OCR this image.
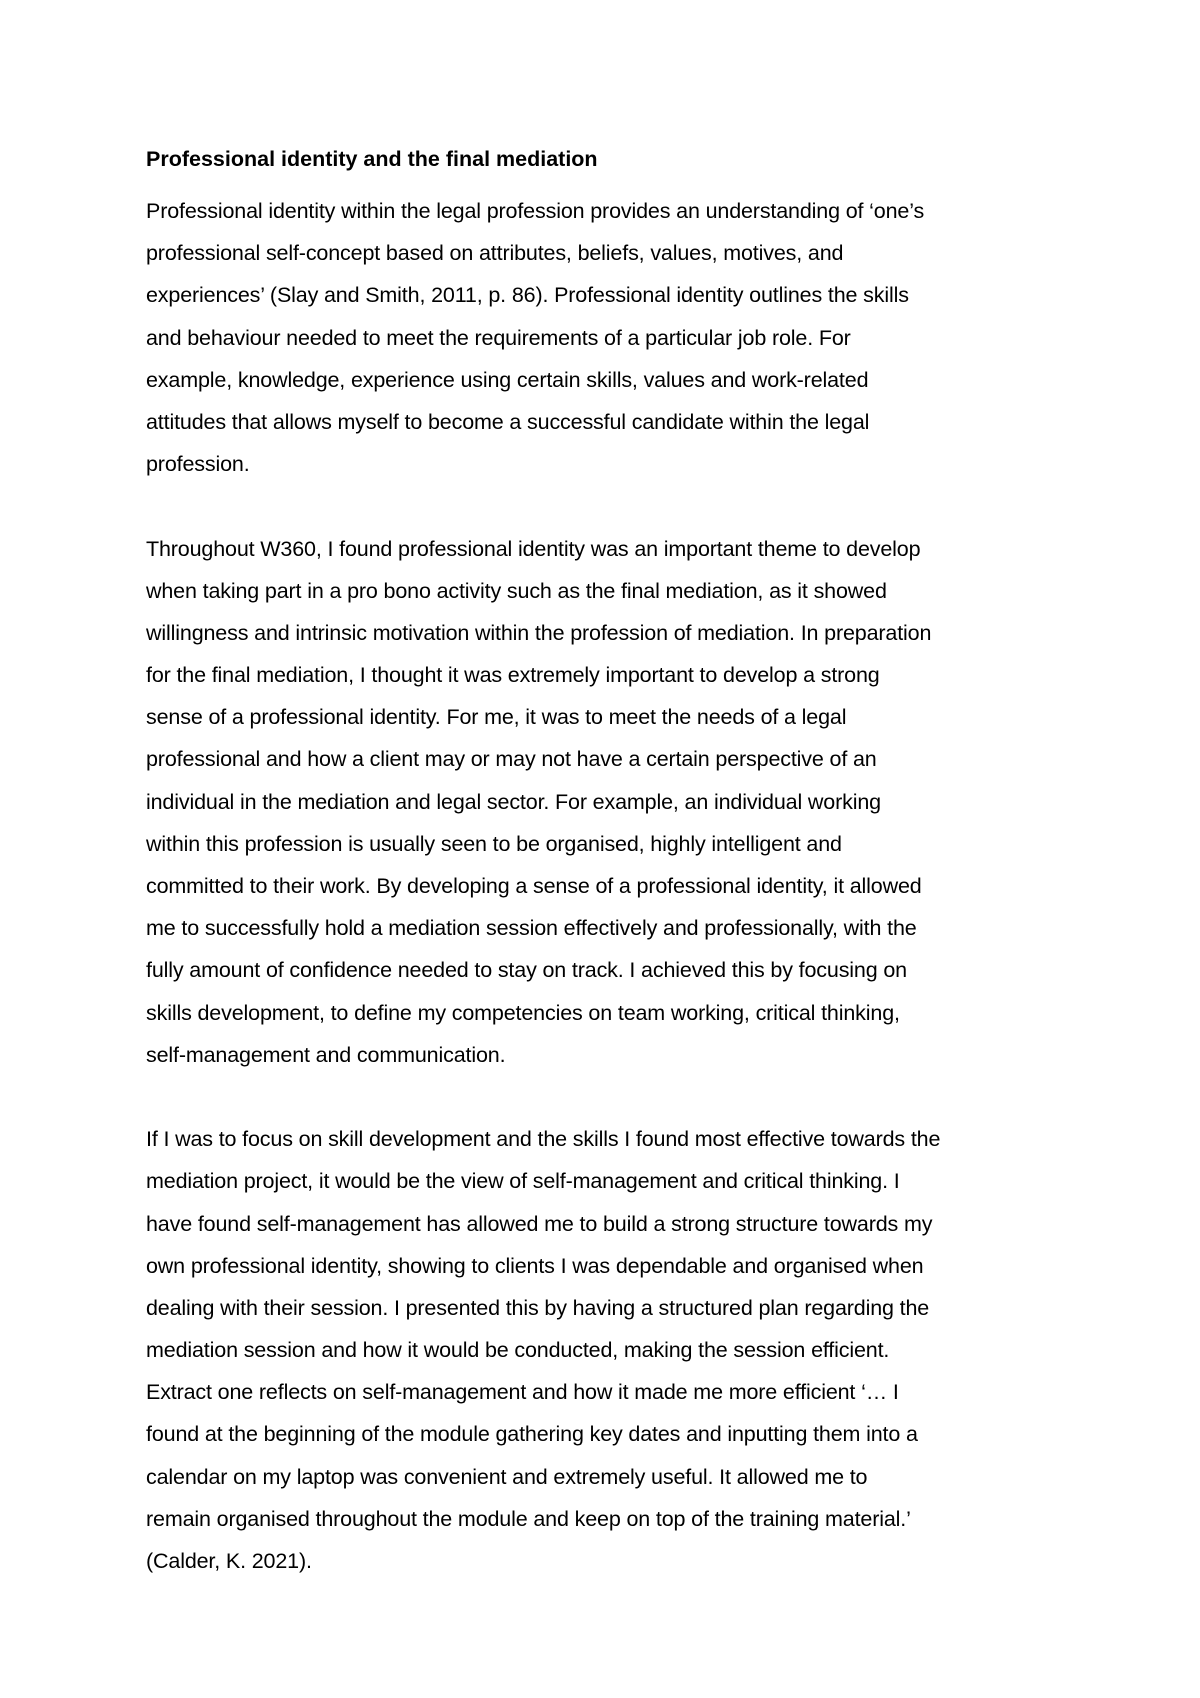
Professional identity and the final mediation
Professional identity within the legal profession provides an understanding of ‘one’s
professional self-concept based on attributes, beliefs, values, motives, and
experiences’ (Slay and Smith, 2011, p. 86). Professional identity outlines the skills
and behaviour needed to meet the requirements of a particular job role. For
example, knowledge, experience using certain skills, values and work-related
attitudes that allows myself to become a successful candidate within the legal
profession.
Throughout W360, I found professional identity was an important theme to develop
when taking part in a pro bono activity such as the final mediation, as it showed
willingness and intrinsic motivation within the profession of mediation. In preparation
for the final mediation, I thought it was extremely important to develop a strong
sense of a professional identity. For me, it was to meet the needs of a legal
professional and how a client may or may not have a certain perspective of an
individual in the mediation and legal sector. For example, an individual working
within this profession is usually seen to be organised, highly intelligent and
committed to their work. By developing a sense of a professional identity, it allowed
me to successfully hold a mediation session effectively and professionally, with the
fully amount of confidence needed to stay on track. I achieved this by focusing on
skills development, to define my competencies on team working, critical thinking,
self-management and communication.
If I was to focus on skill development and the skills I found most effective towards the
mediation project, it would be the view of self-management and critical thinking. I
have found self-management has allowed me to build a strong structure towards my
own professional identity, showing to clients I was dependable and organised when
dealing with their session. I presented this by having a structured plan regarding the
mediation session and how it would be conducted, making the session efficient.
Extract one reflects on self-management and how it made me more efficient ‘… I
found at the beginning of the module gathering key dates and inputting them into a
calendar on my laptop was convenient and extremely useful. It allowed me to
remain organised throughout the module and keep on top of the training material.’
(Calder, K. 2021).
